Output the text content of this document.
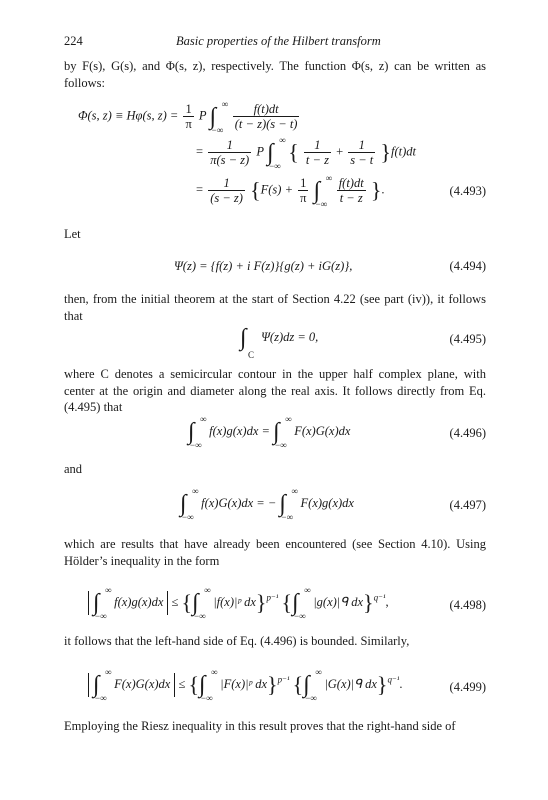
224	Basic properties of the Hilbert transform
by F(s), G(s), and Φ(s, z), respectively. The function Φ(s, z) can be written as follows:
Φ(s, z) ≡ Hφ(s, $z) = \frac{1}{\pi}$ P ∫ ∞
−∞
$\frac{f(t)dt}{(t - z)(s - t)}$
= $\frac{1}{\pi(s - z)}$ P ∫ ∞
−∞
{ $\frac{1}{t - z} + \frac{1}{s - t} \}f(t)dt$
= $\frac{1}{(s - z)} \{F(s) + \frac{1}{\pi}$ ∫ ∞
−∞
$\frac{f(t)dt}{t - z}$ }.	(4.493)
Let
Ψ(z) = {f(z) + i F(z)}{g(z) + iG(z)},	(4.494)
then, from the initial theorem at the start of Section 4.22 (see part (iv)), it follows that
∫
C
Ψ(z)dz = 0,	(4.495)
where C denotes a semicircular contour in the upper half complex plane, with center at the origin and diameter along the real axis. It follows directly from Eq. (4.495) that
∫ ∞
−∞
f(x)g(x)dx = ∫ ∞
−∞
F(x)G(x)dx	(4.496)
and
∫ ∞
−∞
f(x)G(x)dx = − ∫ ∞
−∞
F(x)g(x)dx	(4.497)
which are results that have already been encountered (see Section 4.10). Using Hölder’s inequality in the form
∫ ∞
−∞
f(x)g(x)dx ≤ {∫ ∞
−∞
|f(x)|ᵖ dx}$^{p^{-1}}$ {∫ ∞
−∞
|g(x)|ᑫ dx}$^{q^{-1}}$,	(4.498)
it follows that the left-hand side of Eq. (4.496) is bounded. Similarly,
∫ ∞
−∞
F(x)G(x)dx ≤ {∫ ∞
−∞
|F(x)|ᵖ dx}$^{p^{-1}}$ {∫ ∞
−∞
|G(x)|ᑫ dx}$^{q^{-1}}$.	(4.499)
Employing the Riesz inequality in this result proves that the right-hand side of
